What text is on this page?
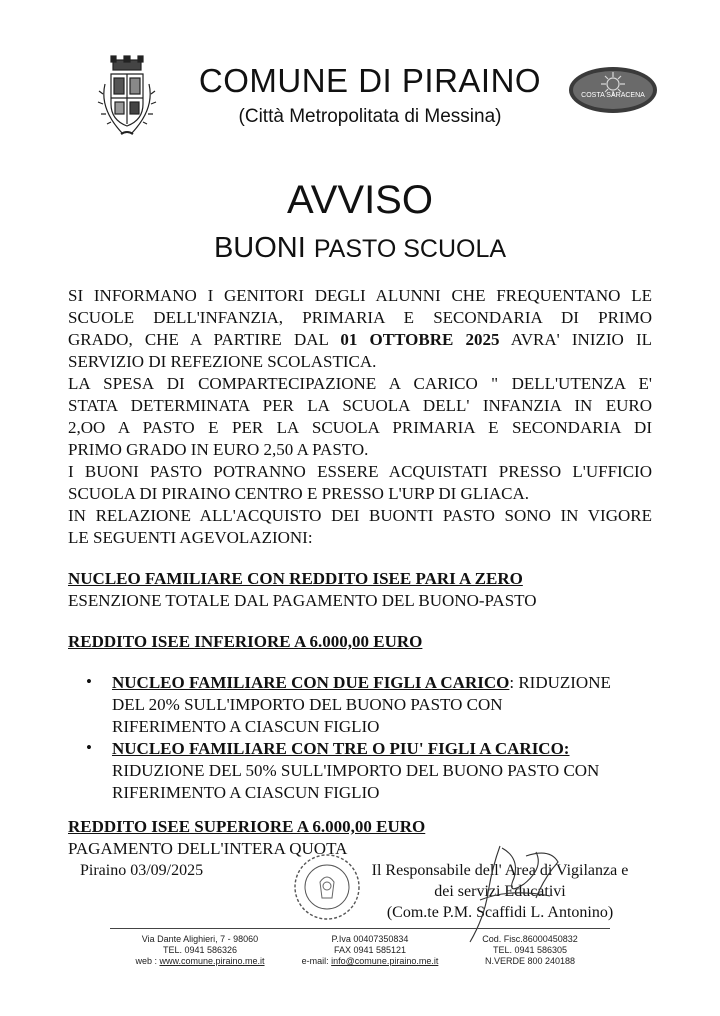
COSTA SARACENA
COMUNE DI PIRAINO
(Città Metropolitata di Messina)
AVVISO
BUONI PASTO SCUOLA
SI INFORMANO I GENITORI DEGLI ALUNNI CHE FREQUENTANO LE
SCUOLE DELL'INFANZIA, PRIMARIA E SECONDARIA DI PRIMO
GRADO, CHE A PARTIRE DAL 01 OTTOBRE 2025 AVRA' INIZIO IL
SERVIZIO DI REFEZIONE SCOLASTICA.
LA SPESA DI COMPARTECIPAZIONE A CARICO " DELL'UTENZA E'
STATA DETERMINATA PER LA SCUOLA DELL' INFANZIA IN EURO
2,OO A PASTO E PER LA SCUOLA PRIMARIA E SECONDARIA DI
PRIMO GRADO IN EURO 2,50 A PASTO.
I BUONI PASTO POTRANNO ESSERE ACQUISTATI PRESSO L'UFFICIO
SCUOLA DI PIRAINO CENTRO E PRESSO L'URP DI GLIACA.
IN RELAZIONE ALL'ACQUISTO DEI BUONTI PASTO SONO IN VIGORE
LE SEGUENTI AGEVOLAZIONI:
NUCLEO FAMILIARE CON REDDITO ISEE PARI A ZERO
ESENZIONE TOTALE DAL PAGAMENTO DEL BUONO-PASTO
REDDITO ISEE INFERIORE A 6.000,00 EURO
• NUCLEO FAMILIARE CON DUE FIGLI A CARICO: RIDUZIONE
DEL 20% SULL'IMPORTO DEL BUONO PASTO CON
RIFERIMENTO A CIASCUN FIGLIO
• NUCLEO FAMILIARE CON TRE O PIU' FIGLI A CARICO:
RIDUZIONE DEL 50% SULL'IMPORTO DEL BUONO PASTO CON
RIFERIMENTO A CIASCUN FIGLIO
REDDITO ISEE SUPERIORE A 6.000,00 EURO
PAGAMENTO DELL'INTERA QUOTA
Piraino 03/09/2025	Il Responsabile dell' Area di Vigilanza e
dei servizi Educativi
(Com.te P.M. Scaffidi L. Antonino)
Via Dante Alighieri, 7 - 98060
TEL. 0941 586326
web : www.comune.piraino.me.it
P.Iva 00407350834
FAX 0941 585121
e-mail: info@comune.piraino.me.it
Cod. Fisc.86000450832
TEL. 0941 586305
N.VERDE 800 240188
